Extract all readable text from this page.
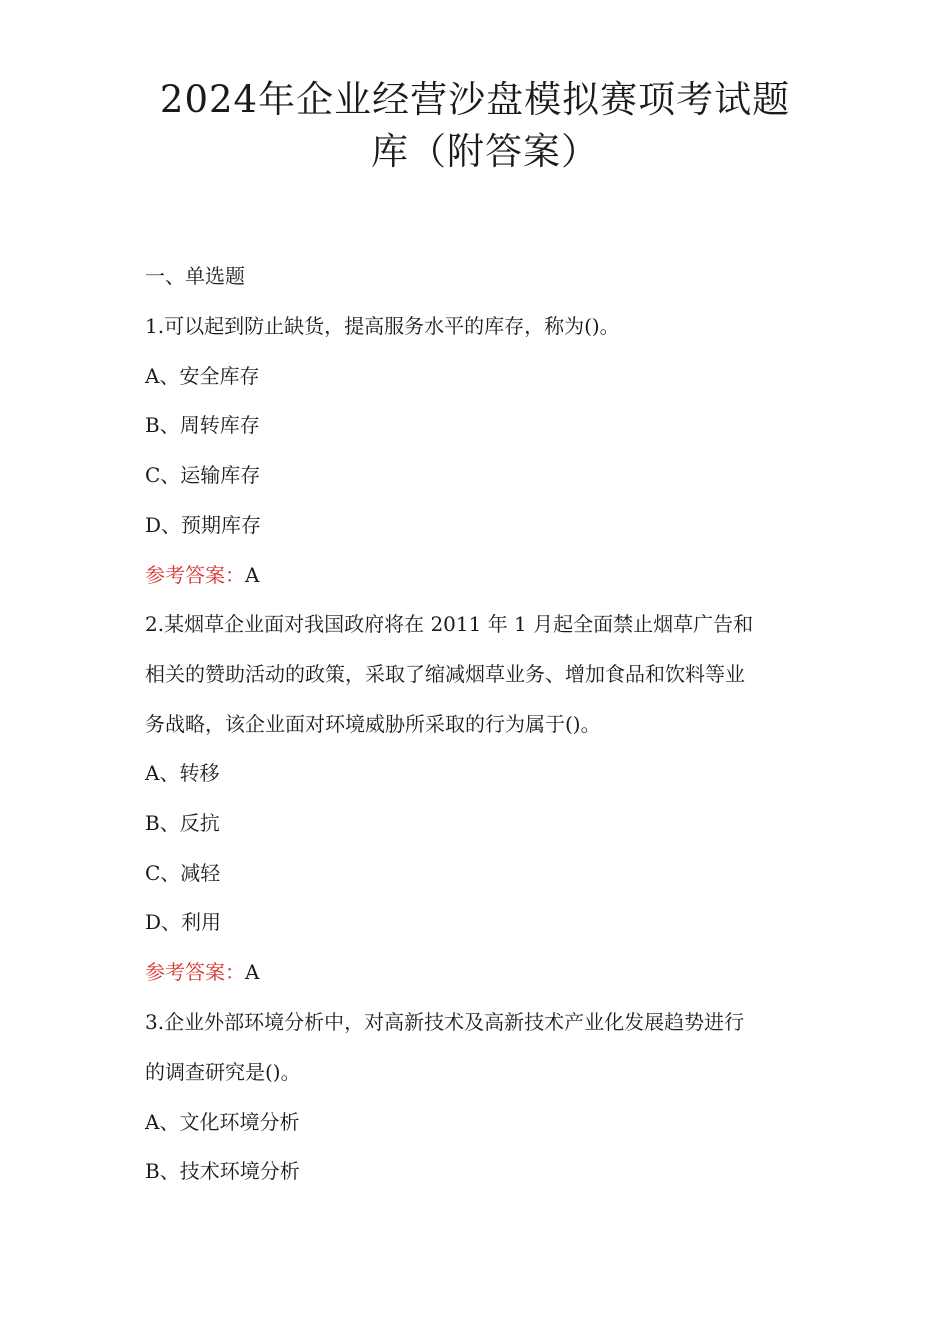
2024年企业经营沙盘模拟赛项考试题
库（附答案）
一、单选题
1.可以起到防止缺货，提高服务水平的库存，称为()。
A、安全库存
B、周转库存
C、运输库存
D、预期库存
参考答案：A
2.某烟草企业面对我国政府将在 2011 年 1 月起全面禁止烟草广告和
相关的赞助活动的政策，采取了缩减烟草业务、增加食品和饮料等业
务战略，该企业面对环境威胁所采取的行为属于()。
A、转移
B、反抗
C、减轻
D、利用
参考答案：A
3.企业外部环境分析中，对高新技术及高新技术产业化发展趋势进行
的调查研究是()。
A、文化环境分析
B、技术环境分析
